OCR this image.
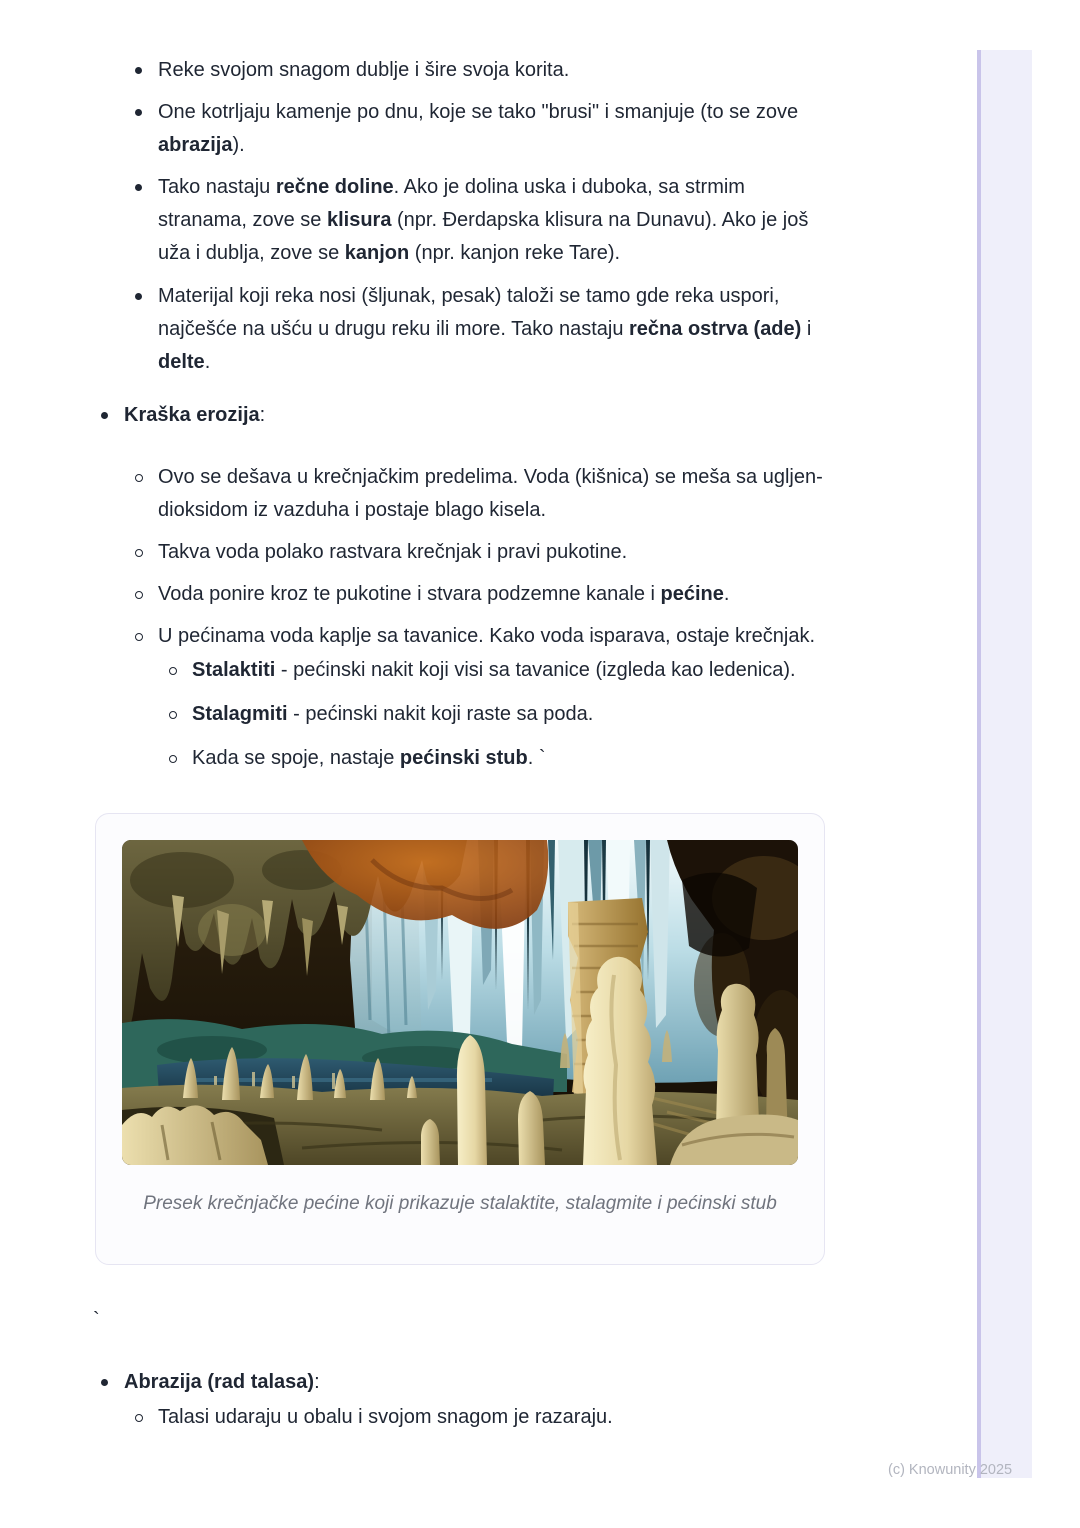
Reke svojom snagom dublje i šire svoja korita.
One kotrljaju kamenje po dnu, koje se tako "brusi" i smanjuje (to se zove abrazija).
Tako nastaju rečne doline. Ako je dolina uska i duboka, sa strmim stranama, zove se klisura (npr. Đerdapska klisura na Dunavu). Ako je još uža i dublja, zove se kanjon (npr. kanjon reke Tare).
Materijal koji reka nosi (šljunak, pesak) taloži se tamo gde reka uspori, najčešće na ušću u drugu reku ili more. Tako nastaju rečna ostrva (ade) i delte.
Kraška erozija:
Ovo se dešava u krečnjačkim predelima. Voda (kišnica) se meša sa ugljen-dioksidom iz vazduha i postaje blago kisela.
Takva voda polako rastvara krečnjak i pravi pukotine.
Voda ponire kroz te pukotine i stvara podzemne kanale i pećine.
U pećinama voda kaplje sa tavanice. Kako voda isparava, ostaje krečnjak.
Stalaktiti - pećinski nakit koji visi sa tavanice (izgleda kao ledenica).
Stalagmiti - pećinski nakit koji raste sa poda.
Kada se spoje, nastaje pećinski stub. `
Presek krečnjačke pećine koji prikazuje stalaktite, stalagmite i pećinski stub
`
Abrazija (rad talasa):
Talasi udaraju u obalu i svojom snagom je razaraju.
(c) Knowunity 2025
